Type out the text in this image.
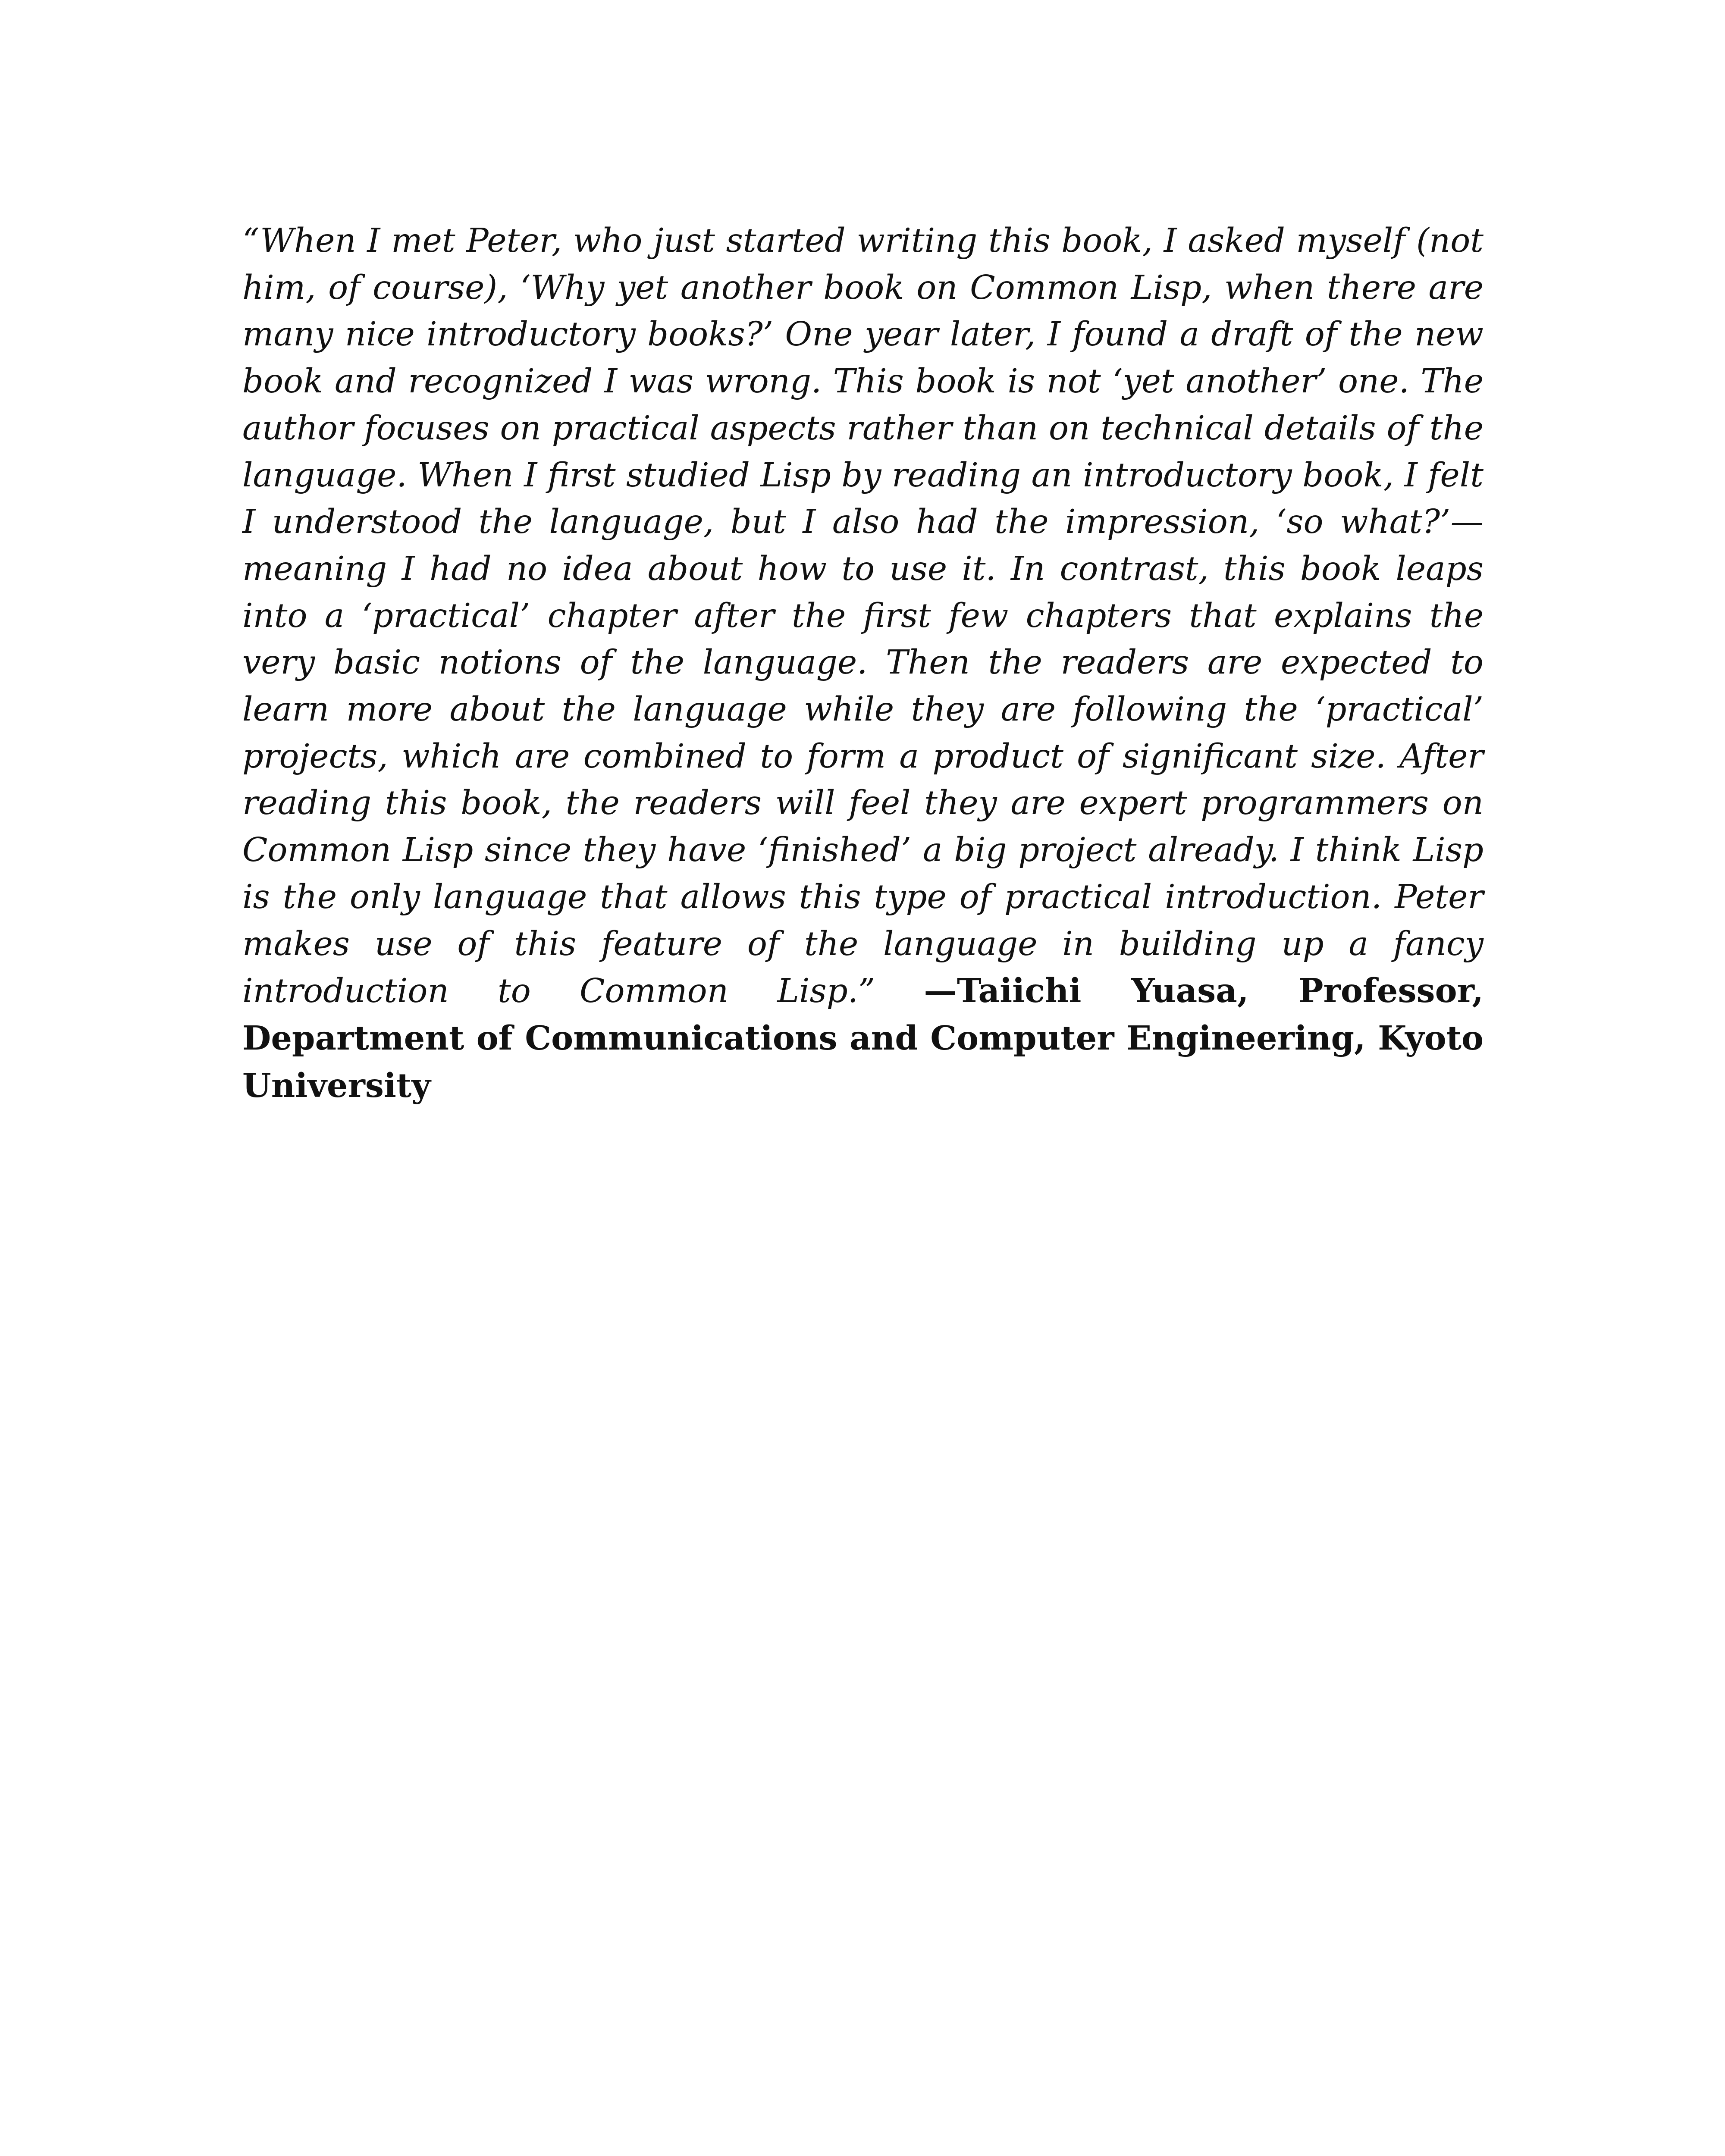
“When I met Peter, who just started writing this book, I asked myself (not him, of course), ‘Why yet another book on Common Lisp, when there are many nice introductory books?’ One year later, I found a draft of the new book and recognized I was wrong. This book is not ‘yet another’ one. The author focuses on practical aspects rather than on technical details of the language. When I first studied Lisp by reading an introductory book, I felt I understood the language, but I also had the impression, ‘so what?’—meaning I had no idea about how to use it. In contrast, this book leaps into a ‘practical’ chapter after the first few chapters that explains the very basic notions of the language. Then the readers are expected to learn more about the language while they are following the ‘practical’ projects, which are combined to form a product of significant size. After reading this book, the readers will feel they are expert programmers on Common Lisp since they have ‘finished’ a big project already. I think Lisp is the only language that allows this type of practical introduction. Peter makes use of this feature of the language in building up a fancy introduction to Common Lisp.” —Taiichi Yuasa, Professor, Department of Communications and Computer Engineering, Kyoto University
